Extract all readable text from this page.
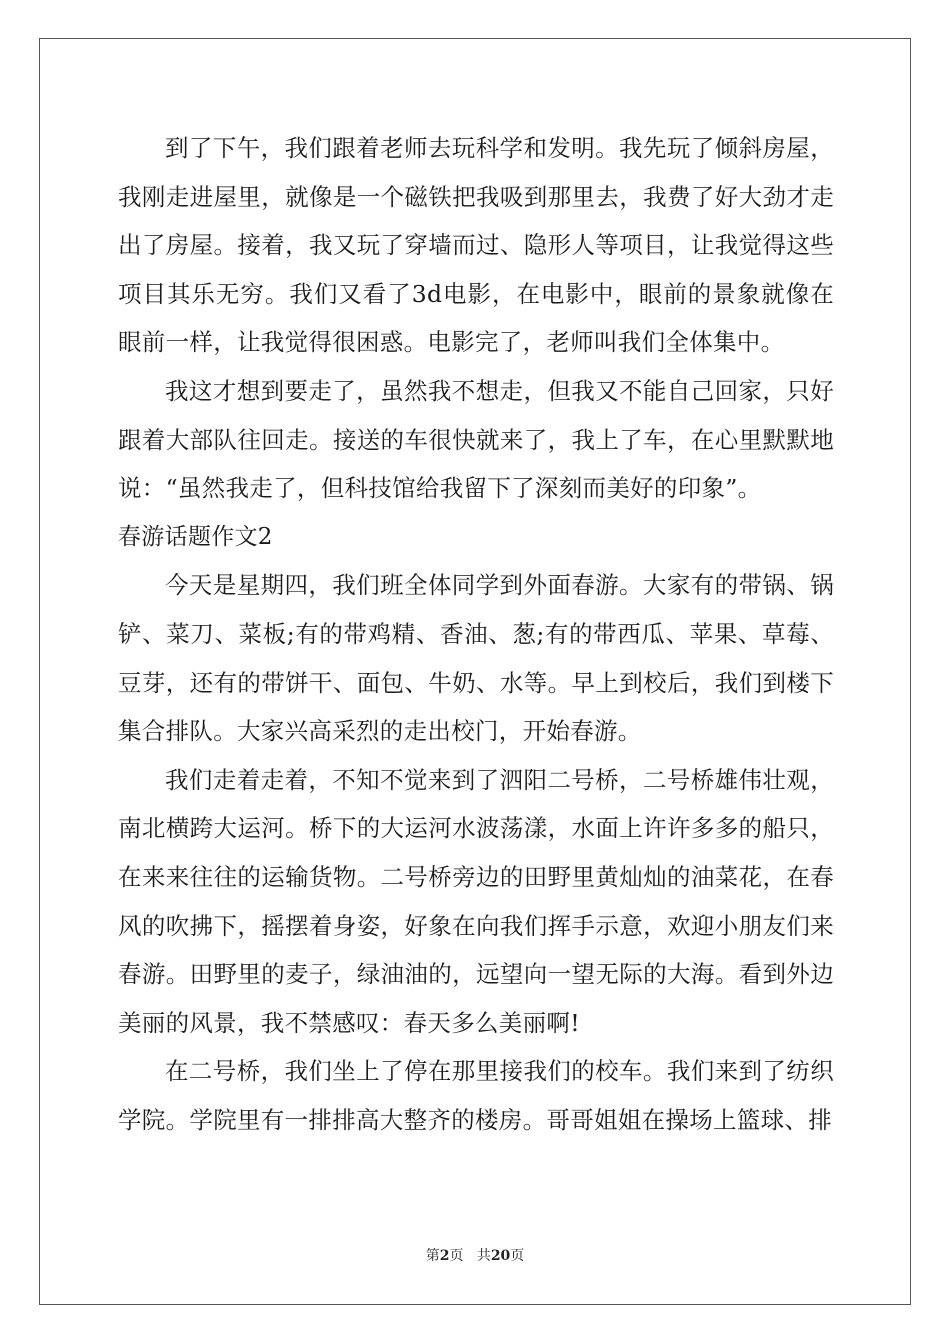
到了下午，我们跟着老师去玩科学和发明。我先玩了倾斜房屋，我刚走进屋里，就像是一个磁铁把我吸到那里去，我费了好大劲才走出了房屋。接着，我又玩了穿墙而过、隐形人等项目，让我觉得这些项目其乐无穷。我们又看了3d电影，在电影中，眼前的景象就像在眼前一样，让我觉得很困惑。电影完了，老师叫我们全体集中。

我这才想到要走了，虽然我不想走，但我又不能自己回家，只好跟着大部队往回走。接送的车很快就来了，我上了车，在心里默默地说：“虽然我走了，但科技馆给我留下了深刻而美好的印象”。

春游话题作文2

今天是星期四，我们班全体同学到外面春游。大家有的带锅、锅铲、菜刀、菜板;有的带鸡精、香油、葱;有的带西瓜、苹果、草莓、豆芽，还有的带饼干、面包、牛奶、水等。早上到校后，我们到楼下集合排队。大家兴高采烈的走出校门，开始春游。

我们走着走着，不知不觉来到了泗阳二号桥，二号桥雄伟壮观，南北横跨大运河。桥下的大运河水波荡漾，水面上许许多多的船只，在来来往往的运输货物。二号桥旁边的田野里黄灿灿的油菜花，在春风的吹拂下，摇摆着身姿，好象在向我们挥手示意，欢迎小朋友们来春游。田野里的麦子，绿油油的，远望向一望无际的大海。看到外边美丽的风景，我不禁感叹：春天多么美丽啊!

在二号桥，我们坐上了停在那里接我们的校车。我们来到了纺织学院。学院里有一排排高大整齐的楼房。哥哥姐姐在操场上篮球、排

第2页 共20页
